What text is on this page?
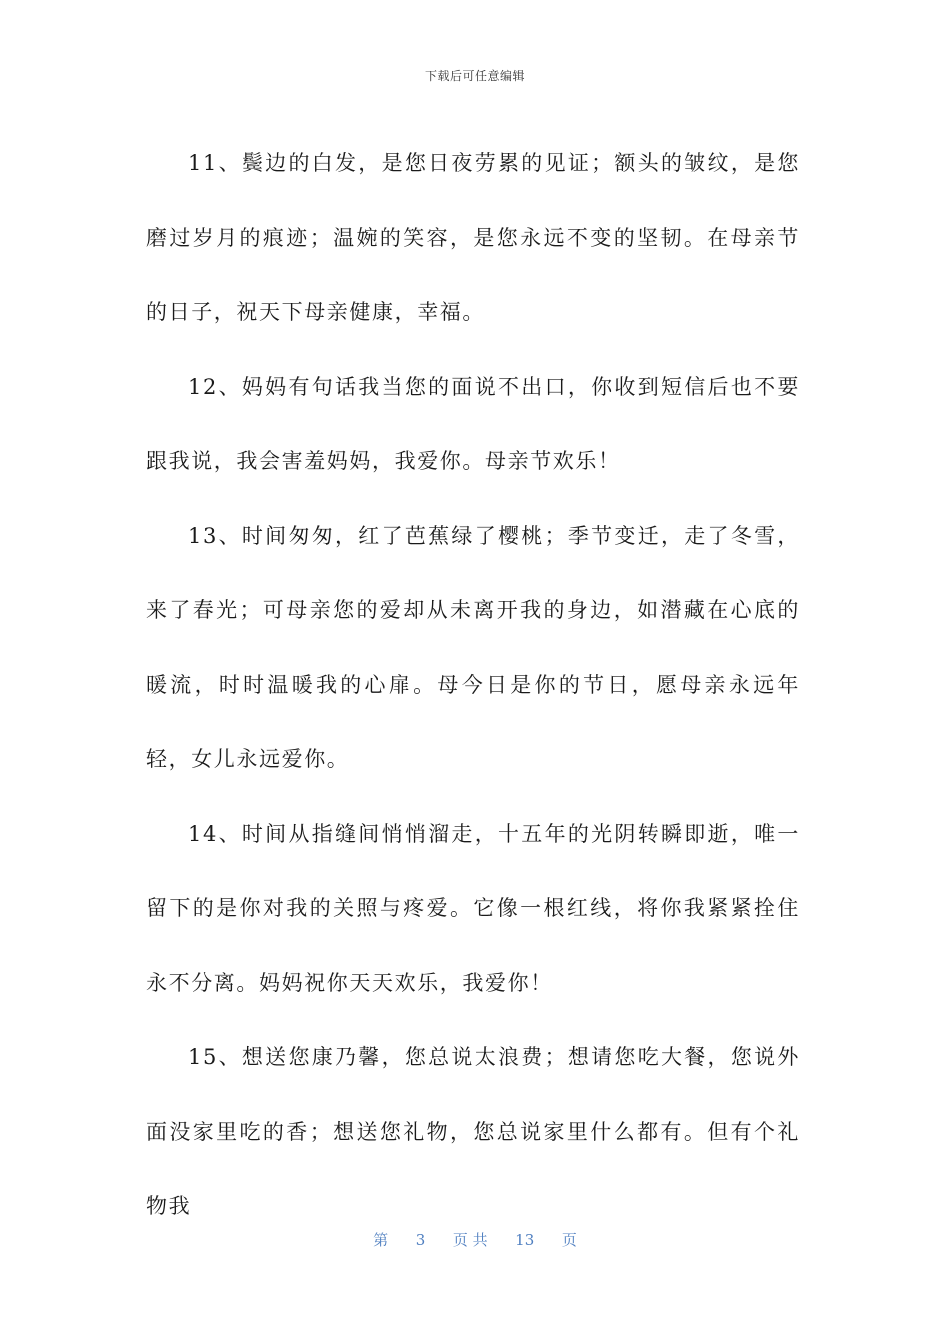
下载后可任意编辑

11、鬓边的白发，是您日夜劳累的见证；额头的皱纹，是您磨过岁月的痕迹；温婉的笑容，是您永远不变的坚韧。在母亲节的日子，祝天下母亲健康，幸福。

12、妈妈有句话我当您的面说不出口，你收到短信后也不要跟我说，我会害羞妈妈，我爱你。母亲节欢乐！

13、时间匆匆，红了芭蕉绿了樱桃；季节变迁，走了冬雪，来了春光；可母亲您的爱却从未离开我的身边，如潜藏在心底的暖流，时时温暖我的心扉。母今日是你的节日，愿母亲永远年轻，女儿永远爱你。

14、时间从指缝间悄悄溜走，十五年的光阴转瞬即逝，唯一留下的是你对我的关照与疼爱。它像一根红线，将你我紧紧拴住永不分离。妈妈祝你天天欢乐，我爱你！

15、想送您康乃馨，您总说太浪费；想请您吃大餐，您说外面没家里吃的香；想送您礼物，您总说家里什么都有。但有个礼物我

第 3 页 共 13 页
